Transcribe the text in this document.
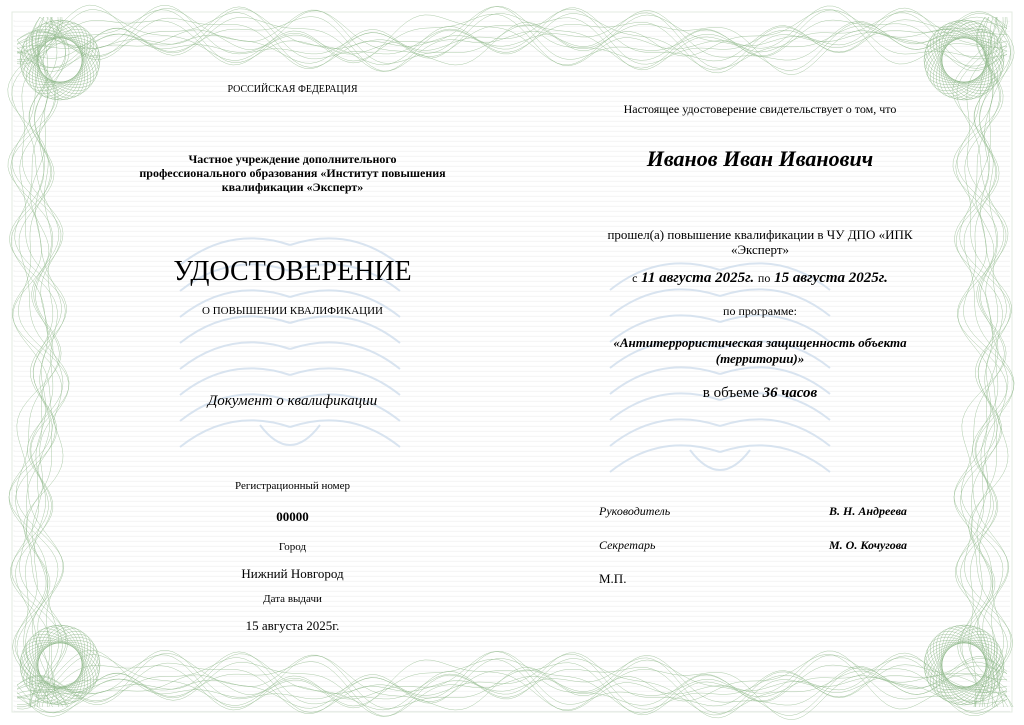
РОССИЙСКАЯ ФЕДЕРАЦИЯ
Частное учреждение дополнительного
профессионального образования «Институт повышения
квалификации «Эксперт»
УДОСТОВЕРЕНИЕ
О ПОВЫШЕНИИ КВАЛИФИКАЦИИ
Документ о квалификации
Регистрационный номер
00000
Город
Нижний Новгород
Дата выдачи
15 августа 2025г.
Настоящее удостоверение свидетельствует о том, что
Иванов Иван Иванович
прошел(а) повышение квалификации в ЧУ ДПО «ИПК
«Эксперт»
с 11 августа 2025г. по 15 августа 2025г.
по программе:
«Антитеррористическая защищенность объекта
(территории)»
в объеме 36 часов
Руководитель	В. Н. Андреева
Секретарь	М. О. Кочугова
М.П.
